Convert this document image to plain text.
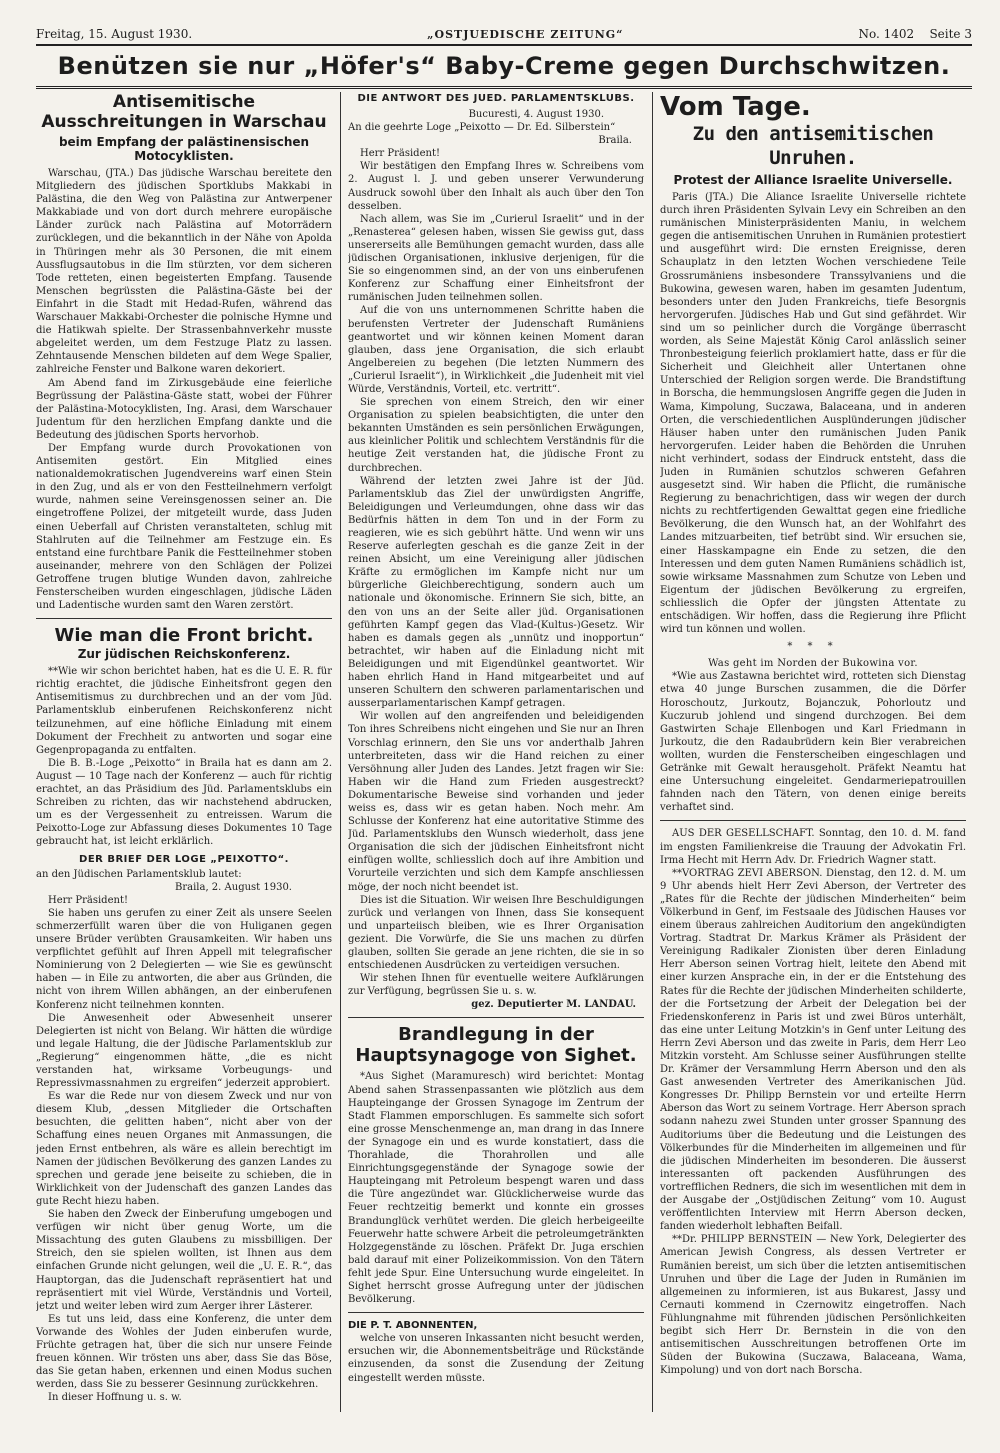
Freitag, 15. August 1930.	„OSTJUEDISCHE ZEITUNG“	No. 1402 Seite 3
Benützen sie nur „Höfer's“ Baby-Creme gegen Durchschwitzen.
Antisemitische Ausschreitungen in Warschau
beim Empfang der palästinensischen Motocyklisten.

Warschau, (JTA.) Das jüdische Warschau bereitete den Mitgliedern des jüdischen Sportklubs Makkabi in Palästina, die den Weg von Palästina zur Antwerpener Makkabiade und von dort durch mehrere europäische Länder zurück nach Palästina auf Motorrädern zurücklegen, und die bekanntlich in der Nähe von Apolda in Thüringen mehr als 30 Personen, die mit einem Aussflugsautobus in die Ilm stürzten, vor dem sicheren Tode retteten, einen begeisterten Empfang. Tausende Menschen begrüssten die Palästina-Gäste bei der Einfahrt in die Stadt mit Hedad-Rufen, während das Warschauer Makkabi-Orchester die polnische Hymne und die Hatikwah spielte. Der Strassenbahnverkehr musste abgeleitet werden, um dem Festzuge Platz zu lassen. Zehntausende Menschen bildeten auf dem Wege Spalier, zahlreiche Fenster und Balkone waren dekoriert.

Am Abend fand im Zirkusgebäude eine feierliche Begrüssung der Palästina-Gäste statt, wobei der Führer der Palästina-Motocyklisten, Ing. Arasi, dem Warschauer Judentum für den herzlichen Empfang dankte und die Bedeutung des jüdischen Sports hervorhob.

Der Empfang wurde durch Provokationen von Antisemiten gestört. Ein Mitglied eines nationaldemokratischen Jugendvereins warf einen Stein in den Zug, und als er von den Festteilnehmern verfolgt wurde, nahmen seine Vereinsgenossen seiner an. Die eingetroffene Polizei, der mitgeteilt wurde, dass Juden einen Ueberfall auf Christen veranstalteten, schlug mit Stahlruten auf die Teilnehmer am Festzuge ein. Es entstand eine furchtbare Panik die Festteilnehmer stoben auseinander, mehrere von den Schlägen der Polizei Getroffene trugen blutige Wunden davon, zahlreiche Fensterscheiben wurden eingeschlagen, jüdische Läden und Ladentische wurden samt den Waren zerstört.

Wie man die Front bricht.
Zur jüdischen Reichskonferenz.

**Wie wir schon berichtet haben, hat es die U. E. R. für richtig erachtet, die jüdische Einheitsfront gegen den Antisemitismus zu durchbrechen und an der vom Jüd. Parlamentsklub einberufenen Reichskonferenz nicht teilzunehmen, auf eine höfliche Einladung mit einem Dokument der Frechheit zu antworten und sogar eine Gegenpropaganda zu entfalten.

Die B. B.-Loge „Peixotto“ in Braila hat es dann am 2. August — 10 Tage nach der Konferenz — auch für richtig erachtet, an das Präsidium des Jüd. Parlamentsklubs ein Schreiben zu richten, das wir nachstehend abdrucken, um es der Vergessenheit zu entreissen. Warum die Peixotto-Loge zur Abfassung dieses Dokumentes 10 Tage gebraucht hat, ist leicht erklärlich.

DER BRIEF DER LOGE „PEIXOTTO“.

an den Jüdischen Parlamentsklub lautet:

Braila, 2. August 1930.

Herr Präsident!

Sie haben uns gerufen zu einer Zeit als unsere Seelen schmerzerfüllt waren über die von Huliganen gegen unsere Brüder verübten Grausamkeiten. Wir haben uns verpflichtet gefühlt auf Ihren Appell mit telegrafischer Nominierung von 2 Delegierten — wie Sie es gewünscht haben — in Eile zu antworten, die aber aus Gründen, die nicht von ihrem Willen abhängen, an der einberufenen Konferenz nicht teilnehmen konnten.

Die Anwesenheit oder Abwesenheit unserer Delegierten ist nicht von Belang. Wir hätten die würdige und legale Haltung, die der Jüdische Parlamentsklub zur „Regierung“ eingenommen hätte, „die es nicht verstanden hat, wirksame Vorbeugungs- und Repressivmassnahmen zu ergreifen“ jederzeit approbiert.

Es war die Rede nur von diesem Zweck und nur von diesem Klub, „dessen Mitglieder die Ortschaften besuchten, die gelitten haben“, nicht aber von der Schaffung eines neuen Organes mit Anmassungen, die jeden Ernst entbehren, als wäre es allein berechtigt im Namen der jüdischen Bevölkerung des ganzen Landes zu sprechen und gerade jene beiseite zu schieben, die in Wirklichkeit von der Judenschaft des ganzen Landes das gute Recht hiezu haben.

Sie haben den Zweck der Einberufung umgebogen und verfügen wir nicht über genug Worte, um die Missachtung des guten Glaubens zu missbilligen. Der Streich, den sie spielen wollten, ist Ihnen aus dem einfachen Grunde nicht gelungen, weil die „U. E. R.“, das Hauptorgan, das die Judenschaft repräsentiert hat und repräsentiert mit viel Würde, Verständnis und Vorteil, jetzt und weiter leben wird zum Aerger ihrer Lästerer.

Es tut uns leid, dass eine Konferenz, die unter dem Vorwande des Wohles der Juden einberufen wurde, Früchte getragen hat, über die sich nur unsere Feinde freuen können. Wir trösten uns aber, dass Sie das Böse, das Sie getan haben, erkennen und einen Modus suchen werden, dass Sie zu besserer Gesinnung zurückkehren.

In dieser Hoffnung u. s. w.

DIE ANTWORT DES JUED. PARLAMENTSKLUBS.

Bucuresti, 4. August 1930.

An die geehrte Loge „Peixotto — Dr. Ed. Silberstein“

Braila.

Herr Präsident!

Wir bestätigen den Empfang Ihres w. Schreibens vom 2. August l. J. und geben unserer Verwunderung Ausdruck sowohl über den Inhalt als auch über den Ton desselben.

Nach allem, was Sie im „Curierul Israelit“ und in der „Renasterea“ gelesen haben, wissen Sie gewiss gut, dass unsererseits alle Bemühungen gemacht wurden, dass alle jüdischen Organisationen, inklusive derjenigen, für die Sie so eingenommen sind, an der von uns einberufenen Konferenz zur Schaffung einer Einheitsfront der rumänischen Juden teilnehmen sollen.

Auf die von uns unternommenen Schritte haben die berufensten Vertreter der Judenschaft Rumäniens geantwortet und wir können keinen Moment daran glauben, dass jene Organisation, die sich erlaubt Angelbereien zu begehen (Die letzten Nummern des „Curierul Israelit“), in Wirklichkeit „die Judenheit mit viel Würde, Verständnis, Vorteil, etc. vertritt“.

Sie sprechen von einem Streich, den wir einer Organisation zu spielen beabsichtigten, die unter den bekannten Umständen es sein persönlichen Erwägungen, aus kleinlicher Politik und schlechtem Verständnis für die heutige Zeit verstanden hat, die jüdische Front zu durchbrechen.

Während der letzten zwei Jahre ist der Jüd. Parlamentsklub das Ziel der unwürdigsten Angriffe, Beleidigungen und Verleumdungen, ohne dass wir das Bedürfnis hätten in dem Ton und in der Form zu reagieren, wie es sich gebührt hätte. Und wenn wir uns Reserve auferlegten geschah es die ganze Zeit in der reinen Absicht, um eine Vereinigung aller jüdischen Kräfte zu ermöglichen im Kampfe nicht nur um bürgerliche Gleichberechtigung, sondern auch um nationale und ökonomische. Erinnern Sie sich, bitte, an den von uns an der Seite aller jüd. Organisationen geführten Kampf gegen das Vlad-(Kultus-)Gesetz. Wir haben es damals gegen als „unnütz und inopportun“ betrachtet, wir haben auf die Einladung nicht mit Beleidigungen und mit Eigendünkel geantwortet. Wir haben ehrlich Hand in Hand mitgearbeitet und auf unseren Schultern den schweren parlamentarischen und ausserparlamentarischen Kampf getragen.

Wir wollen auf den angreifenden und beleidigenden Ton ihres Schreibens nicht eingehen und Sie nur an Ihren Vorschlag erinnern, den Sie uns vor anderthalb Jahren unterbreiteten, dass wir die Hand reichen zu einer Versöhnung aller Juden des Landes. Jetzt fragen wir Sie: Haben wir die Hand zum Frieden ausgestreckt? Dokumentarische Beweise sind vorhanden und jeder weiss es, dass wir es getan haben. Noch mehr. Am Schlusse der Konferenz hat eine autoritative Stimme des Jüd. Parlamentsklubs den Wunsch wiederholt, dass jene Organisation die sich der jüdischen Einheitsfront nicht einfügen wollte, schliesslich doch auf ihre Ambition und Vorurteile verzichten und sich dem Kampfe anschliessen möge, der noch nicht beendet ist.

Dies ist die Situation. Wir weisen Ihre Beschuldigungen zurück und verlangen von Ihnen, dass Sie konsequent und unparteiisch bleiben, wie es Ihrer Organisation gezient. Die Vorwürfe, die Sie uns machen zu dürfen glauben, sollten Sie gerade an jene richten, die sie in so entschiedenen Ausdrücken zu verteidigen versuchen.

Wir stehen Ihnen für eventuelle weitere Aufklärungen zur Verfügung, begrüssen Sie u. s. w.

gez. Deputierter M. LANDAU.

Brandlegung in der Hauptsynagoge von Sighet.

*Aus Sighet (Maramuresch) wird berichtet: Montag Abend sahen Strassenpassanten wie plötzlich aus dem Haupteingange der Grossen Synagoge im Zentrum der Stadt Flammen emporschlugen. Es sammelte sich sofort eine grosse Menschenmenge an, man drang in das Innere der Synagoge ein und es wurde konstatiert, dass die Thorahlade, die Thorahrollen und alle Einrichtungsgegenstände der Synagoge sowie der Haupteingang mit Petroleum bespengt waren und dass die Türe angezündet war. Glücklicherweise wurde das Feuer rechtzeitig bemerkt und konnte ein grosses Brandunglück verhütet werden. Die gleich herbeigeeilte Feuerwehr hatte schwere Arbeit die petroleumgetränkten Holzgegenstände zu löschen. Präfekt Dr. Juga erschien bald darauf mit einer Polizeikommission. Von den Tätern fehlt jede Spur. Eine Untersuchung wurde eingeleitet. In Sighet herrscht grosse Aufregung unter der jüdischen Bevölkerung.

DIE P. T. ABONNENTEN,

welche von unseren Inkassanten nicht besucht werden, ersuchen wir, die Abonnementsbeiträge und Rückstände einzusenden, da sonst die Zusendung der Zeitung eingestellt werden müsste.

Vom Tage.
Zu den antisemitischen Unruhen.
Protest der Alliance Israelite Universelle.

Paris (JTA.) Die Aliance Israelite Universelle richtete durch ihren Präsidenten Sylvain Levy ein Schreiben an den rumänischen Ministerpräsidenten Maniu, in welchem gegen die antisemitischen Unruhen in Rumänien protestiert und ausgeführt wird: Die ernsten Ereignisse, deren Schauplatz in den letzten Wochen verschiedene Teile Grossrumäniens insbesondere Transsylvaniens und die Bukowina, gewesen waren, haben im gesamten Judentum, besonders unter den Juden Frankreichs, tiefe Besorgnis hervorgerufen. Jüdisches Hab und Gut sind gefährdet. Wir sind um so peinlicher durch die Vorgänge überrascht worden, als Seine Majestät König Carol anlässlich seiner Thronbesteigung feierlich proklamiert hatte, dass er für die Sicherheit und Gleichheit aller Untertanen ohne Unterschied der Religion sorgen werde. Die Brandstiftung in Borscha, die hemmungslosen Angriffe gegen die Juden in Wama, Kimpolung, Suczawa, Balaceana, und in anderen Orten, die verschiedentlichen Ausplünderungen jüdischer Häuser haben unter den rumänischen Juden Panik hervorgerufen. Leider haben die Behörden die Unruhen nicht verhindert, sodass der Eindruck entsteht, dass die Juden in Rumänien schutzlos schweren Gefahren ausgesetzt sind. Wir haben die Pflicht, die rumänische Regierung zu benachrichtigen, dass wir wegen der durch nichts zu rechtfertigenden Gewalttat gegen eine friedliche Bevölkerung, die den Wunsch hat, an der Wohlfahrt des Landes mitzuarbeiten, tief betrübt sind. Wir ersuchen sie, einer Hasskampagne ein Ende zu setzen, die den Interessen und dem guten Namen Rumäniens schädlich ist, sowie wirksame Massnahmen zum Schutze von Leben und Eigentum der jüdischen Bevölkerung zu ergreifen, schliesslich die Opfer der jüngsten Attentate zu entschädigen. Wir hoffen, dass die Regierung ihre Pflicht wird tun können und wollen.

* * *
Was geht im Norden der Bukowina vor.

*Wie aus Zastawna berichtet wird, rotteten sich Dienstag etwa 40 junge Burschen zusammen, die die Dörfer Horoschoutz, Jurkoutz, Bojanczuk, Pohorloutz und Kuczurub johlend und singend durchzogen. Bei dem Gastwirten Schaje Ellenbogen und Karl Friedmann in Jurkoutz, die den Radaubrüdern kein Bier verabreichen wollten, wurden die Fensterscheiben eingeschlagen und Getränke mit Gewalt herausgeholt. Präfekt Neamtu hat eine Untersuchung eingeleitet. Gendarmeriepatrouillen fahnden nach den Tätern, von denen einige bereits verhaftet sind.

AUS DER GESELLSCHAFT. Sonntag, den 10. d. M. fand im engsten Familienkreise die Trauung der Advokatin Frl. Irma Hecht mit Herrn Adv. Dr. Friedrich Wagner statt.

**VORTRAG ZEVI ABERSON. Dienstag, den 12. d. M. um 9 Uhr abends hielt Herr Zevi Aberson, der Vertreter des „Rates für die Rechte der jüdischen Minderheiten“ beim Völkerbund in Genf, im Festsaale des Jüdischen Hauses vor einem überaus zahlreichen Auditorium den angekündigten Vortrag. Stadtrat Dr. Markus Krämer als Präsident der Vereinigung Radikaler Zionisten über deren Einladung Herr Aberson seinen Vortrag hielt, leitete den Abend mit einer kurzen Ansprache ein, in der er die Entstehung des Rates für die Rechte der jüdischen Minderheiten schilderte, der die Fortsetzung der Arbeit der Delegation bei der Friedenskonferenz in Paris ist und zwei Büros unterhält, das eine unter Leitung Motzkin's in Genf unter Leitung des Herrn Zevi Aberson und das zweite in Paris, dem Herr Leo Mitzkin vorsteht. Am Schlusse seiner Ausführungen stellte Dr. Krämer der Versammlung Herrn Aberson und den als Gast anwesenden Vertreter des Amerikanischen Jüd. Kongresses Dr. Philipp Bernstein vor und erteilte Herrn Aberson das Wort zu seinem Vortrage. Herr Aberson sprach sodann nahezu zwei Stunden unter grosser Spannung des Auditoriums über die Bedeutung und die Leistungen des Völkerbundes für die Minderheiten im allgemeinen und für die jüdischen Minderheiten im besonderen. Die äusserst interessanten oft packenden Ausführungen des vortrefflichen Redners, die sich im wesentlichen mit dem in der Ausgabe der „Ostjüdischen Zeitung“ vom 10. August veröffentlichten Interview mit Herrn Aberson decken, fanden wiederholt lebhaften Beifall.

**Dr. PHILIPP BERNSTEIN — New York, Delegierter des American Jewish Congress, als dessen Vertreter er Rumänien bereist, um sich über die letzten antisemitischen Unruhen und über die Lage der Juden in Rumänien im allgemeinen zu informieren, ist aus Bukarest, Jassy und Cernauti kommend in Czernowitz eingetroffen. Nach Fühlungnahme mit führenden jüdischen Persönlichkeiten begibt sich Herr Dr. Bernstein in die von den antisemitischen Ausschreitungen betroffenen Orte im Süden der Bukowina (Suczawa, Balaceana, Wama, Kimpolung) und von dort nach Borscha.
